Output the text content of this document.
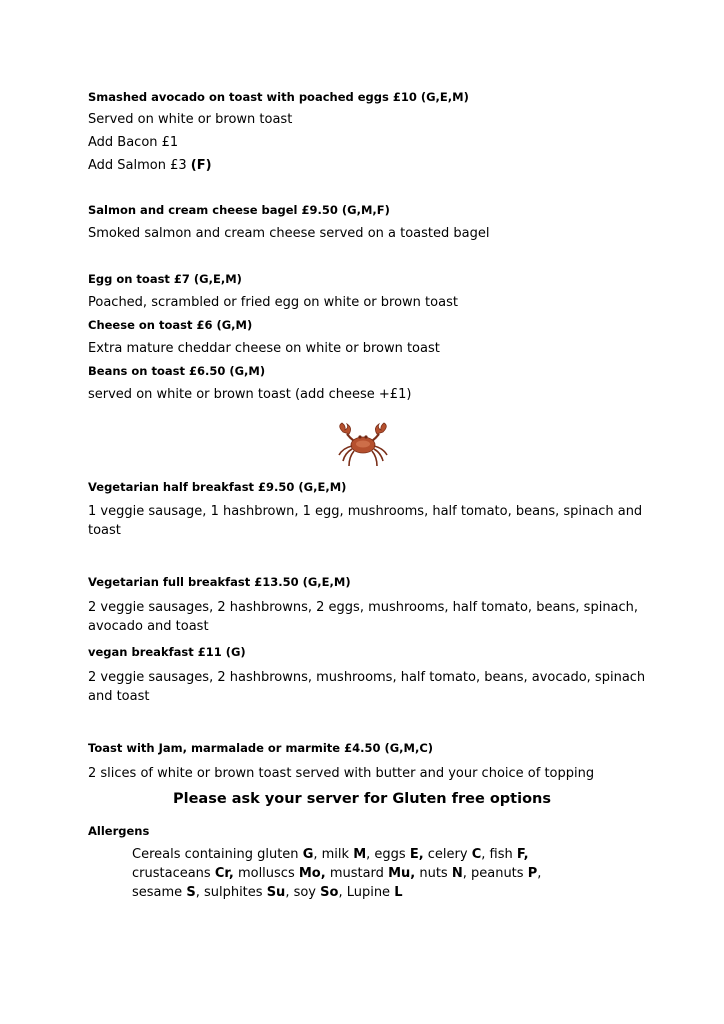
Smashed avocado on toast with poached eggs £10 (G,E,M)
Served on white or brown toast
Add Bacon £1
Add Salmon £3 (F)
Salmon and cream cheese bagel £9.50 (G,M,F)
Smoked salmon and cream cheese served on a toasted bagel
Egg on toast £7 (G,E,M)
Poached, scrambled or fried egg on white or brown toast
Cheese on toast £6 (G,M)
Extra mature cheddar cheese on white or brown toast
Beans on toast £6.50 (G,M)
served on white or brown toast (add cheese +£1)
Vegetarian half breakfast £9.50 (G,E,M)
1 veggie sausage, 1 hashbrown, 1 egg, mushrooms, half tomato, beans, spinach and toast
Vegetarian full breakfast £13.50 (G,E,M)
2 veggie sausages, 2 hashbrowns, 2 eggs, mushrooms, half tomato, beans, spinach, avocado and toast
vegan breakfast £11 (G)
2 veggie sausages, 2 hashbrowns, mushrooms, half tomato, beans, avocado, spinach and toast
Toast with Jam, marmalade or marmite £4.50 (G,M,C)
2 slices of white or brown toast served with butter and your choice of topping
Please ask your server for Gluten free options
Allergens
Cereals containing gluten G, milk M, eggs E, celery C, fish F,
crustaceans Cr, molluscs Mo, mustard Mu, nuts N, peanuts P,
sesame S, sulphites Su, soy So, Lupine L
